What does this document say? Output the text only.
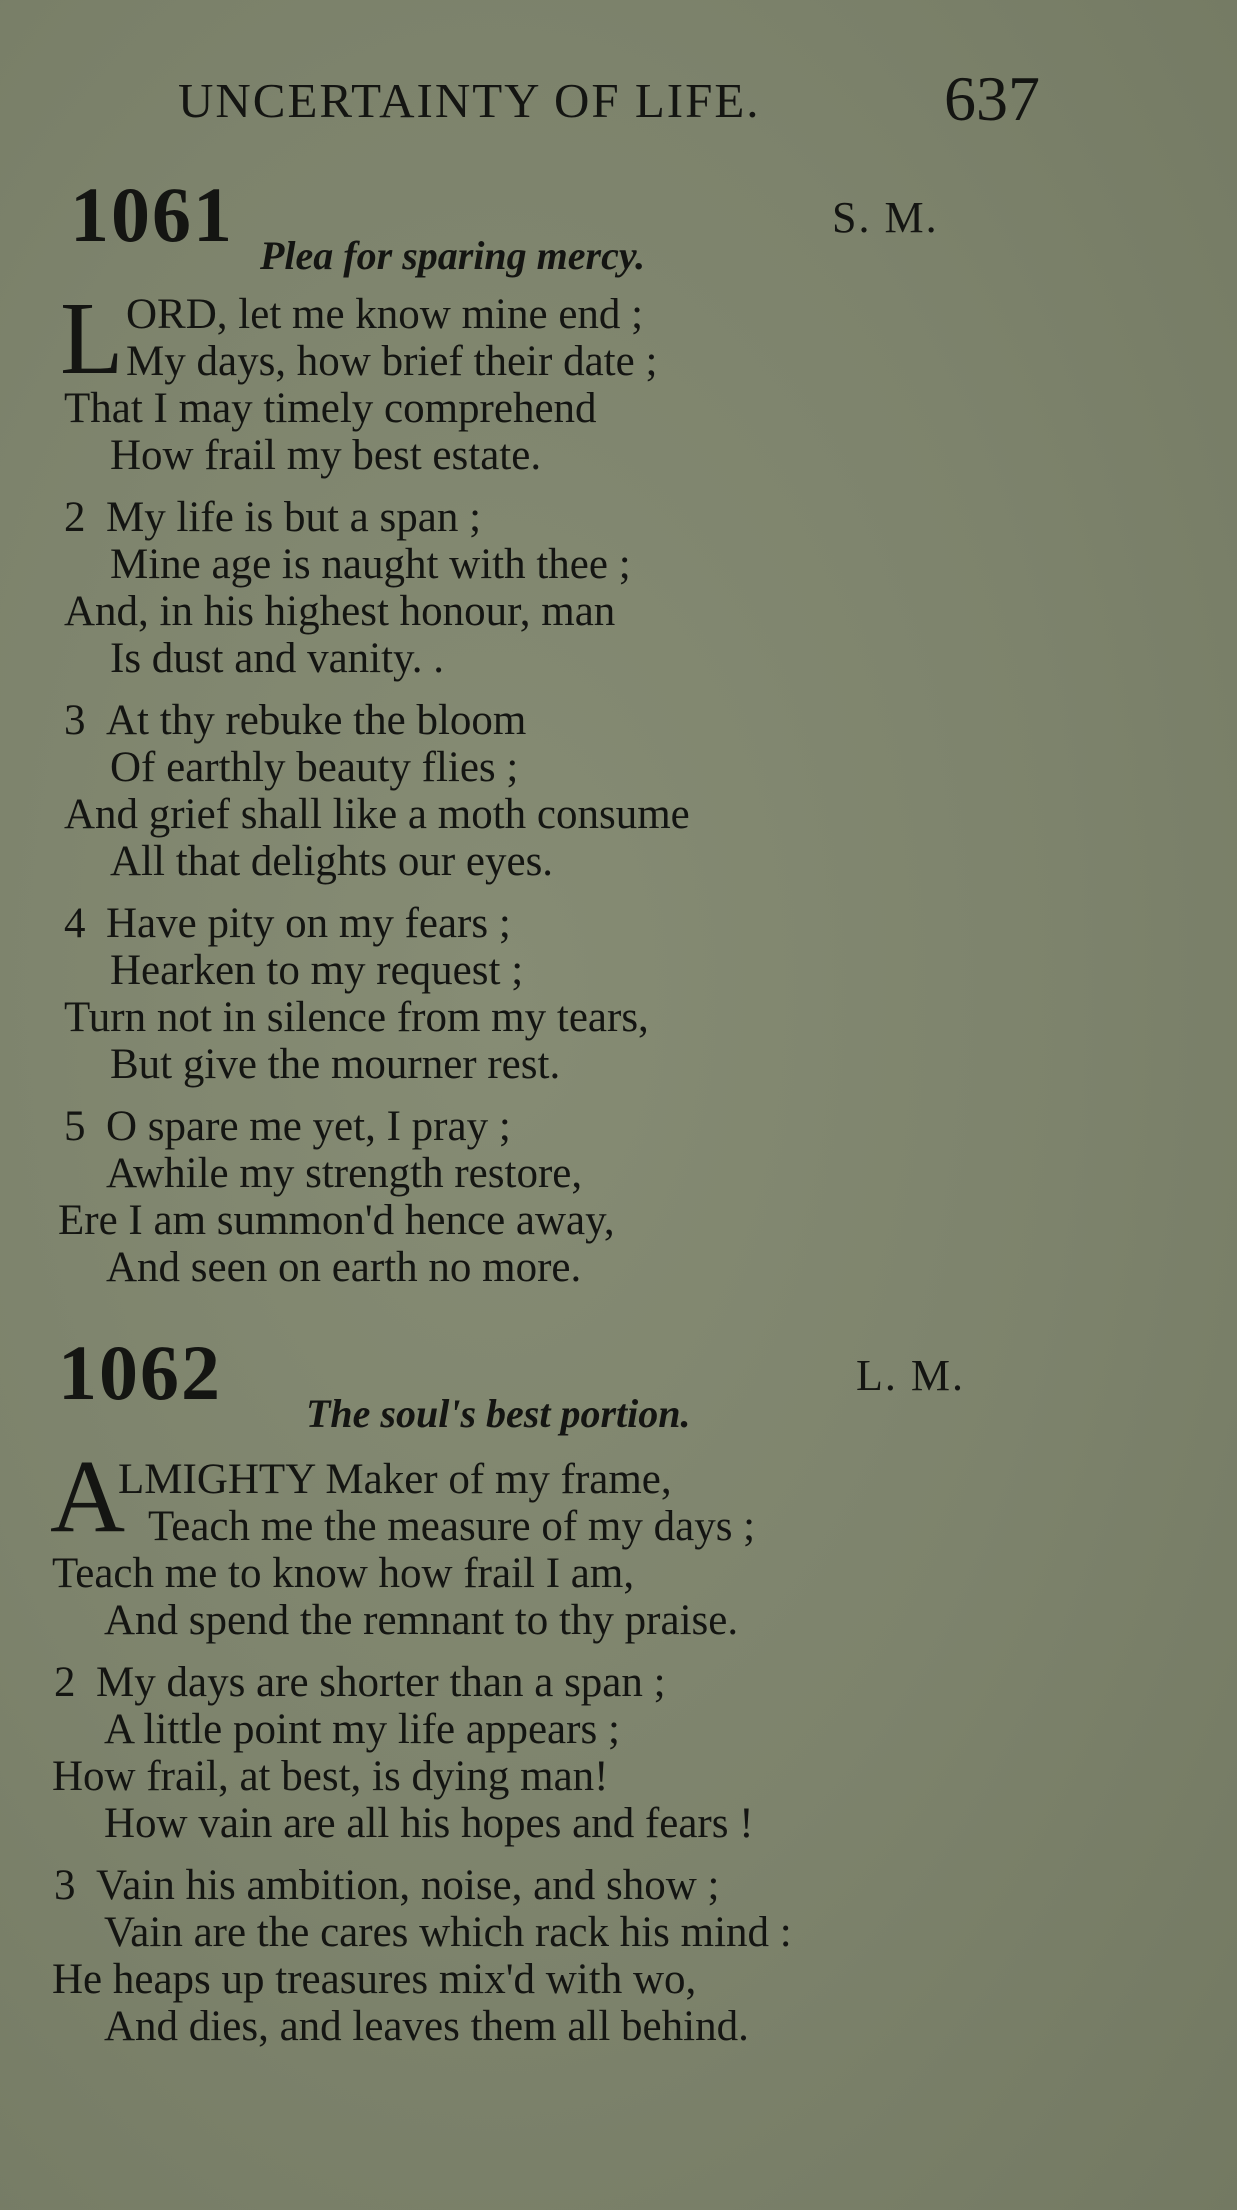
UNCERTAINTY OF LIFE.	637
1061	S. M.
Plea for sparing mercy.
L ORD, let me know mine end ;
My days, how brief their date ;
That I may timely comprehend
How frail my best estate.
2 My life is but a span ;
Mine age is naught with thee ;
And, in his highest honour, man
Is dust and vanity. .
3 At thy rebuke the bloom
Of earthly beauty flies ;
And grief shall like a moth consume
All that delights our eyes.
4 Have pity on my fears ;
Hearken to my request ;
Turn not in silence from my tears,
But give the mourner rest.
5 O spare me yet, I pray ;
Awhile my strength restore,
Ere I am summon'd hence away,
And seen on earth no more.
1062	L. M.
The soul's best portion.
A
LMIGHTY Maker of my frame,
Teach me the measure of my days ;
Teach me to know how frail I am,
And spend the remnant to thy praise.
2 My days are shorter than a span ;
A little point my life appears ;
How frail, at best, is dying man!
How vain are all his hopes and fears !
3 Vain his ambition, noise, and show ;
Vain are the cares which rack his mind :
He heaps up treasures mix'd with wo,
And dies, and leaves them all behind.
